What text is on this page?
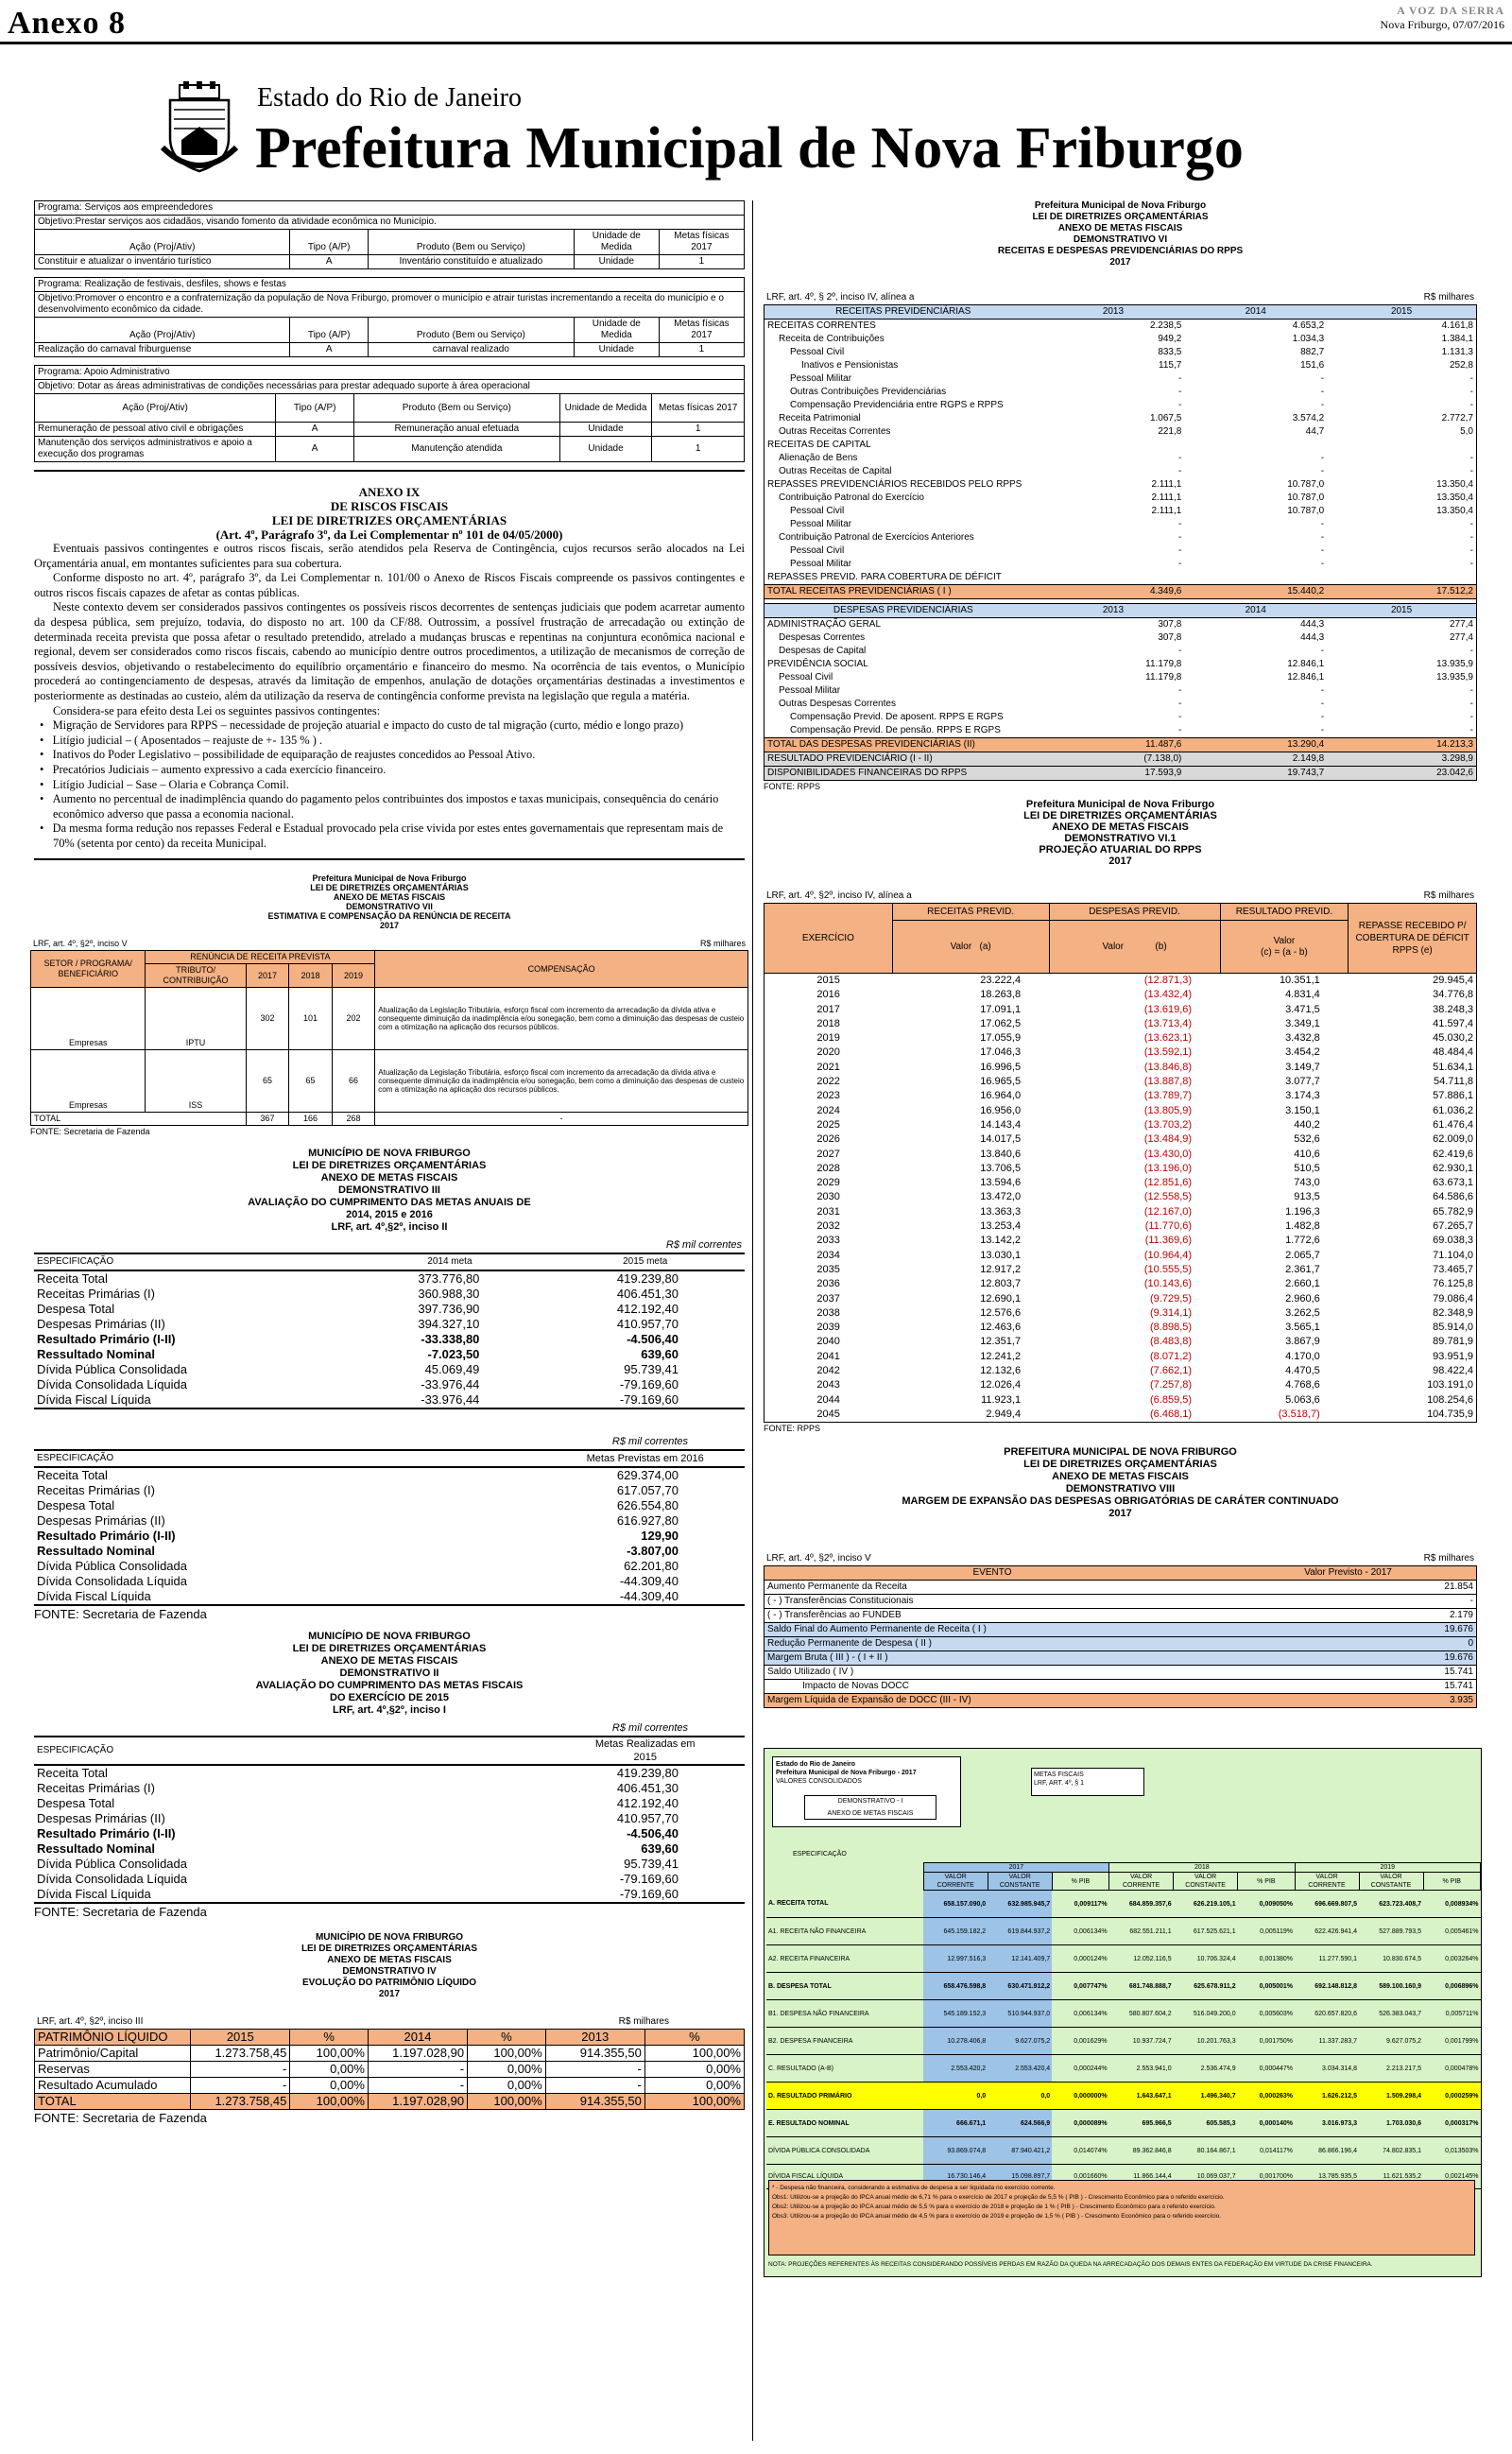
Anexo 8	A VOZ DA SERRA
Nova Friburgo, 07/07/2016
Estado do Rio de Janeiro
Prefeitura Municipal de Nova Friburgo
Programa: Serviços aos empreendedores				
Objetivo:Prestar serviços aos cidadãos, visando fomento da atividade econômica no Município.				
Ação (Proj/Ativ)	Tipo (A/P)	Produto (Bem ou Serviço)	Unidade de Medida	Metas físicas 2017
Constituir e atualizar o inventário turístico	A	Inventário constituído e atualizado	Unidade	1
Programa: Realização de festivais, desfiles, shows e festas				
Objetivo:Promover o encontro e a confraternização da população de Nova Friburgo, promover o município e atrair turistas incrementando a receita do município e o desenvolvimento econômico da cidade.				
Ação (Proj/Ativ)	Tipo (A/P)	Produto (Bem ou Serviço)	Unidade de Medida	Metas físicas 2017
Realização do carnaval friburguense	A	carnaval realizado	Unidade	1
Programa: Apoio Administrativo				
Objetivo: Dotar as áreas administrativas de condições necessárias para prestar adequado suporte à área operacional				
Ação (Proj/Ativ)	Tipo (A/P)	Produto (Bem ou Serviço)	Unidade de Medida	Metas físicas 2017
Remuneração de pessoal ativo civil e obrigações	A	Remuneração anual efetuada	Unidade	1
Manutenção dos serviços administrativos e apoio a execução dos programas	A	Manutenção atendida	Unidade	1
ANEXO IX
DE RISCOS FISCAIS
LEI DE DIRETRIZES ORÇAMENTÁRIAS
(Art. 4º, Parágrafo 3º, da Lei Complementar nº 101 de 04/05/2000)

Eventuais passivos contingentes e outros riscos fiscais, serão atendidos pela Reserva de Contingência, cujos recursos serão alocados na Lei Orçamentária anual, em montantes suficientes para sua cobertura.

Conforme disposto no art. 4º, parágrafo 3º, da Lei Complementar n. 101/00 o Anexo de Riscos Fiscais compreende os passivos contingentes e outros riscos fiscais capazes de afetar as contas públicas.

Neste contexto devem ser considerados passivos contingentes os possíveis riscos decorrentes de sentenças judiciais que podem acarretar aumento da despesa pública, sem prejuízo, todavia, do disposto no art. 100 da CF/88. Outrossim, a possível frustração de arrecadação ou extinção de determinada receita prevista que possa afetar o resultado pretendido, atrelado a mudanças bruscas e repentinas na conjuntura econômica nacional e regional, devem ser considerados como riscos fiscais, cabendo ao município dentre outros procedimentos, a utilização de mecanismos de correção de possíveis desvios, objetivando o restabelecimento do equilíbrio orçamentário e financeiro do mesmo. Na ocorrência de tais eventos, o Município procederá ao contingenciamento de despesas, através da limitação de empenhos, anulação de dotações orçamentárias destinadas a investimentos e posteriormente as destinadas ao custeio, além da utilização da reserva de contingência conforme prevista na legislação que regula a matéria.

Considera-se para efeito desta Lei os seguintes passivos contingentes:

•   Migração de Servidores para RPPS – necessidade de projeção atuarial e impacto do custo de tal migração (curto, médio e longo prazo)
•   Litígio judicial – ( Aposentados – reajuste de +- 135 % ) .
•   Inativos do Poder Legislativo – possibilidade de equiparação de reajustes concedidos ao Pessoal Ativo.
•   Precatórios Judiciais – aumento expressivo a cada exercício financeiro.
•   Litígio Judicial – Sase – Olaria e Cobrança Comil.
•   Aumento no percentual de inadimplência quando do pagamento pelos contribuintes dos impostos e taxas municipais, consequência do cenário econômico adverso que passa a economia nacional.
•   Da mesma forma redução nos repasses Federal e Estadual provocado pela crise vivida por estes entes governamentais que representam mais de 70% (setenta por cento) da receita Municipal.
Prefeitura Municipal de Nova Friburgo
LEI DE DIRETRIZES ORÇAMENTÁRIAS
ANEXO DE METAS FISCAIS
DEMONSTRATIVO VII
ESTIMATIVA E COMPENSAÇÃO DA RENÚNCIA DE RECEITA
2017
LRF, art. 4º, §2º, inciso V	R$ milhares
SETOR / PROGRAMA/ BENEFICIÁRIO	RENÚNCIA DE RECEITA PREVISTA				COMPENSAÇÃO
	TRIBUTO/ CONTRIBUIÇÃO	2017	2018	2019	
Empresas	IPTU	302	101	202	Atualização da Legislação Tributária, esforço fiscal com incremento da arrecadação da dívida ativa e consequente diminuição da inadimplência e/ou sonegação, bem como a diminuição das despesas de custeio com a otimização na aplicação dos recursos públicos.
Empresas	ISS	65	65	66	Atualização da Legislação Tributária, esforço fiscal com incremento da arrecadação da dívida ativa e consequente diminuição da inadimplência e/ou sonegação, bem como a diminuição das despesas de custeio com a otimização na aplicação dos recursos públicos.
TOTAL		367	166	268	-
FONTE: Secretaria de Fazenda
MUNICÍPIO DE NOVA FRIBURGO
LEI DE DIRETRIZES ORÇAMENTÁRIAS
ANEXO DE METAS FISCAIS
DEMONSTRATIVO III
AVALIAÇÃO DO CUMPRIMENTO DAS METAS ANUAIS DE
2014, 2015 e 2016
LRF, art. 4º,§2º, inciso II
		R$ mil correntes
ESPECIFICAÇÃO	2014 meta	2015 meta
Receita Total	373.776,80	419.239,80
Receitas Primárias (I)	360.988,30	406.451,30
Despesa Total	397.736,90	412.192,40
Despesas Primárias (II)	394.327,10	410.957,70
Resultado Primário (I-II)	-33.338,80	-4.506,40
Ressultado Nominal	-7.023,50	639,60
Dívida Pública Consolidada	45.069,49	95.739,41
Dívida Consolidada Líquida	-33.976,44	-79.169,60
Dívida Fiscal Líquida	-33.976,44	-79.169,60
	R$ mil correntes	
ESPECIFICAÇÃO		Metas Previstas em 2016
Receita Total		629.374,00
Receitas Primárias (I)		617.057,70
Despesa Total		626.554,80
Despesas Primárias (II)		616.927,80
Resultado Primário (I-II)		129,90
Ressultado Nominal		-3.807,00
Dívida Pública Consolidada		62.201,80
Dívida Consolidada Líquida		-44.309,40
Dívida Fiscal Líquida		-44.309,40
FONTE: Secretaria de Fazenda
MUNICÍPIO DE NOVA FRIBURGO
LEI DE DIRETRIZES ORÇAMENTÁRIAS
ANEXO DE METAS FISCAIS
DEMONSTRATIVO II
AVALIAÇÃO DO CUMPRIMENTO DAS METAS FISCAIS
DO EXERCÍCIO DE 2015
LRF, art. 4º,§2º, inciso I
	R$ mil correntes	
ESPECIFICAÇÃO		Metas Realizadas em 2015
Receita Total		419.239,80
Receitas Primárias (I)		406.451,30
Despesa Total		412.192,40
Despesas Primárias (II)		410.957,70
Resultado Primário (I-II)		-4.506,40
Ressultado Nominal		639,60
Dívida Pública Consolidada		95.739,41
Dívida Consolidada Líquida		-79.169,60
Dívida Fiscal Líquida		-79.169,60
FONTE: Secretaria de Fazenda
MUNICÍPIO DE NOVA FRIBURGO
LEI DE DIRETRIZES ORÇAMENTÁRIAS
ANEXO DE METAS FISCAIS
DEMONSTRATIVO IV
EVOLUÇÃO DO PATRIMÔNIO LÍQUIDO
2017
LRF, art. 4º, §2º, inciso III	R$ milhares
PATRIMÔNIO LÍQUIDO	2015	%	2014	%	2013	%
Patrimônio/Capital	1.273.758,45	100,00%	1.197.028,90	100,00%	914.355,50	100,00%
Reservas	-	0,00%	-	0,00%	-	0,00%
Resultado Acumulado	-	0,00%	-	0,00%	-	0,00%
TOTAL	1.273.758,45	100,00%	1.197.028,90	100,00%	914.355,50	100,00%
FONTE: Secretaria de Fazenda
Prefeitura Municipal de Nova Friburgo
LEI DE DIRETRIZES ORÇAMENTÁRIAS
ANEXO DE METAS FISCAIS
DEMONSTRATIVO VI
RECEITAS E DESPESAS PREVIDENCIÁRIAS DO RPPS
2017
LRF, art. 4º, § 2º, inciso IV, alínea a	R$ milhares
RECEITAS PREVIDENCIÁRIAS	2013	2014	2015
RECEITAS CORRENTES	2.238,5	4.653,2	4.161,8
Receita de Contribuições	949,2	1.034,3	1.384,1
Pessoal Civil	833,5	882,7	1.131,3
Inativos e Pensionistas	115,7	151,6	252,8
Pessoal Militar	-	-	-
Outras Contribuições Previdenciárias	-	-	-
Compensação Previdenciária entre RGPS e RPPS	-	-	-
Receita Patrimonial	1.067,5	3.574,2	2.772,7
Outras Receitas Correntes	221,8	44,7	5,0
RECEITAS DE CAPITAL			
Alienação de Bens	-	-	-
Outras Receitas de Capital	-	-	-
REPASSES PREVIDENCIÁRIOS RECEBIDOS PELO RPPS	2.111,1	10.787,0	13.350,4
Contribuição Patronal do Exercício	2.111,1	10.787,0	13.350,4
Pessoal Civil	2.111,1	10.787,0	13.350,4
Pessoal Militar	-	-	-
Contribuição Patronal de Exercícios Anteriores	-	-	-
Pessoal Civil	-	-	-
Pessoal Militar	-	-	-
REPASSES PREVID. PARA COBERTURA DE DÉFICIT			
TOTAL RECEITAS PREVIDENCIÁRIAS ( I )	4.349,6	15.440,2	17.512,2

DESPESAS PREVIDENCIÁRIAS	2013	2014	2015
ADMINISTRAÇÃO GERAL	307,8	444,3	277,4
Despesas Correntes	307,8	444,3	277,4
Despesas de Capital	-	-	-
PREVIDÊNCIA SOCIAL	11.179,8	12.846,1	13.935,9
Pessoal Civil	11.179,8	12.846,1	13.935,9
Pessoal Militar	-	-	-
Outras Despesas Correntes	-	-	-
Compensação Previd. De aposent. RPPS E RGPS	-	-	-
Compensação Previd. De pensão. RPPS E RGPS	-	-	-
TOTAL DAS DESPESAS PREVIDENCIÁRIAS (II)	11.487,6	13.290,4	14.213,3
RESULTADO PREVIDENCIÁRIO (I - II)	(7.138,0)	2.149,8	3.298,9
DISPONIBILIDADES FINANCEIRAS DO RPPS	17.593,9	19.743,7	23.042,6
FONTE: RPPS
Prefeitura Municipal de Nova Friburgo
LEI DE DIRETRIZES ORÇAMENTÁRIAS
ANEXO DE METAS FISCAIS
DEMONSTRATIVO VI.1
PROJEÇÃO ATUARIAL DO RPPS
2017
LRF, art. 4º, §2º, inciso IV, alínea a	R$ milhares
EXERCÍCIO	RECEITAS PREVID.	DESPESAS PREVID.	RESULTADO PREVID.	REPASSE RECEBIDO P/ COBERTURA DE DÉFICIT RPPS (e)
	Valor (a)	Valor (b)	Valor
(c) = (a - b)	

2015	23.222,4	(12.871,3)	10.351,1	29.945,4
2016	18.263,8	(13.432,4)	4.831,4	34.776,8
2017	17.091,1	(13.619,6)	3.471,5	38.248,3
2018	17.062,5	(13.713,4)	3.349,1	41.597,4
2019	17.055,9	(13.623,1)	3.432,8	45.030,2
2020	17.046,3	(13.592,1)	3.454,2	48.484,4
2021	16.996,5	(13.846,8)	3.149,7	51.634,1
2022	16.965,5	(13.887,8)	3.077,7	54.711,8
2023	16.964,0	(13.789,7)	3.174,3	57.886,1
2024	16.956,0	(13.805,9)	3.150,1	61.036,2
2025	14.143,4	(13.703,2)	440,2	61.476,4
2026	14.017,5	(13.484,9)	532,6	62.009,0
2027	13.840,6	(13.430,0)	410,6	62.419,6
2028	13.706,5	(13.196,0)	510,5	62.930,1
2029	13.594,6	(12.851,6)	743,0	63.673,1
2030	13.472,0	(12.558,5)	913,5	64.586,6
2031	13.363,3	(12.167,0)	1.196,3	65.782,9
2032	13.253,4	(11.770,6)	1.482,8	67.265,7
2033	13.142,2	(11.369,6)	1.772,6	69.038,3
2034	13.030,1	(10.964,4)	2.065,7	71.104,0
2035	12.917,2	(10.555,5)	2.361,7	73.465,7
2036	12.803,7	(10.143,6)	2.660,1	76.125,8
2037	12.690,1	(9.729,5)	2.960,6	79.086,4
2038	12.576,6	(9.314,1)	3.262,5	82.348,9
2039	12.463,6	(8.898,5)	3.565,1	85.914,0
2040	12.351,7	(8.483,8)	3.867,9	89.781,9
2041	12.241,2	(8.071,2)	4.170,0	93.951,9
2042	12.132,6	(7.662,1)	4.470,5	98.422,4
2043	12.026,4	(7.257,8)	4.768,6	103.191,0
2044	11.923,1	(6.859,5)	5.063,6	108.254,6
2045	2.949,4	(6.468,1)	(3.518,7)	104.735,9
FONTE: RPPS
PREFEITURA MUNICIPAL DE NOVA FRIBURGO
LEI DE DIRETRIZES ORÇAMENTÁRIAS
ANEXO DE METAS FISCAIS
DEMONSTRATIVO VIII
MARGEM DE EXPANSÃO DAS DESPESAS OBRIGATÓRIAS DE CARÁTER CONTINUADO
2017
LRF, art. 4º, §2º, inciso V	R$ milhares
EVENTO	Valor Previsto - 2017
Aumento Permanente da Receita	21.854
( - ) Transferências Constitucionais	-
( - ) Transferências ao FUNDEB	2.179
Saldo Final do Aumento Permanente de Receita ( I )	19.676
Redução Permanente de Despesa ( II )	0
Margem Bruta ( III ) - ( I + II )	19.676
Saldo Utilizado ( IV )	15.741
Impacto de Novas DOCC	15.741
Margem Líquida de Expansão de DOCC (III - IV)	3.935
Estado do Rio de Janeiro
Prefeitura Municipal de Nova Friburgo - 2017
VALORES CONSOLIDADOS
DEMONSTRATIVO - I
ANEXO DE METAS FISCAIS
METAS FISCAIS
LRF, ART. 4º, § 1
ESPECIFICAÇÃO
	2017			2018			2019		
	VALOR CORRENTE	VALOR CONSTANTE	% PIB	VALOR CORRENTE	VALOR CONSTANTE	% PIB	VALOR CORRENTE	VALOR CONSTANTE	% PIB
A. RECEITA TOTAL	658.157.090,0	632.985.945,7	0,009117%	684.859.357,6	626.219.105,1	0,009050%	696.669.807,5	623.723.408,7	0,008934%
A1. RECEITA NÃO FINANCEIRA	645.159.182,2	619.844.937,2	0,006134%	682.551.211,1	617.525.621,1	0,005119%	622.426.941,4	527.889.793,5	0,005461%
A2. RECEITA FINANCEIRA	12.997.516,3	12.141.409,7	0,000124%	12.052.116,5	10.706.324,4	0,001380%	11.277.590,1	10.830.674,5	0,003264%
B. DESPESA TOTAL	658.476.598,8	630.471.912,2	0,007747%	681.748.888,7	625.678.911,2	0,005001%	692.148.812,8	589.100.160,9	0,006896%
B1. DESPESA NÃO FINANCEIRA	545.189.152,3	510.944.937,0	0,006134%	580.807.604,2	516.049.200,0	0,005603%	620.657.820,6	526.383.043,7	0,005711%
B2. DESPESA FINANCEIRA	10.278.406,8	9.627.075,2	0,001629%	10.937.724,7	10.201.763,3	0,001750%	11.337.283,7	9.627.075,2	0,001799%
C. RESULTADO (A-B)	2.553.420,2	2.553.420,4	0,000244%	2.553.941,0	2.536.474,9	0,000447%	3.034.314,8	2.213.217,5	0,000478%
D. RESULTADO PRIMÁRIO	0,0	0,0	0,000000%	1.643.647,1	1.496.340,7	0,000263%	1.626.212,5	1.509.298,4	0,000259%
E. RESULTADO NOMINAL	666.671,1	624.566,9	0,000089%	695.966,5	605.585,3	0,000140%	3.016.973,3	1.703.030,6	0,000317%
DÍVIDA PÚBLICA CONSOLIDADA	93.869.074,8	87.940.421,2	0,014074%	89.362.846,8	80.164.867,1	0,014117%	86.866.196,4	74.802.835,1	0,013503%
DÍVIDA FISCAL LÍQUIDA	16.730.146,4	15.098.897,7	0,001660%	11.866.144,4	10.069.037,7	0,001700%	13.785.935,5	11.621.535,2	0,002145%
* - Despesa não financeira, considerando a estimativa de despesa a ser liquidada no exercício corrente.
Obs1: Utilizou-se a projeção do IPCA anual médio de 6,71 % para o exercício de 2017 e projeção de 5,5 % ( PIB ) - Crescimento Econômico para o referido exercício.
Obs2: Utilizou-se a projeção do IPCA anual médio de 5,5 % para o exercício de 2018 e projeção de 1 % ( PIB ) - Crescimento Econômico para o referido exercício.
Obs3: Utilizou-se a projeção do IPCA anual médio de 4,5 % para o exercício de 2019 e projeção de 1,5 % ( PIB ) - Crescimento Econômico para o referido exercício.
NOTA: PROJEÇÕES REFERENTES ÀS RECEITAS CONSIDERANDO POSSÍVEIS PERDAS EM RAZÃO DA QUEDA NA ARRECADAÇÃO DOS DEMAIS ENTES DA FEDERAÇÃO EM VIRTUDE DA CRISE FINANCEIRA.
